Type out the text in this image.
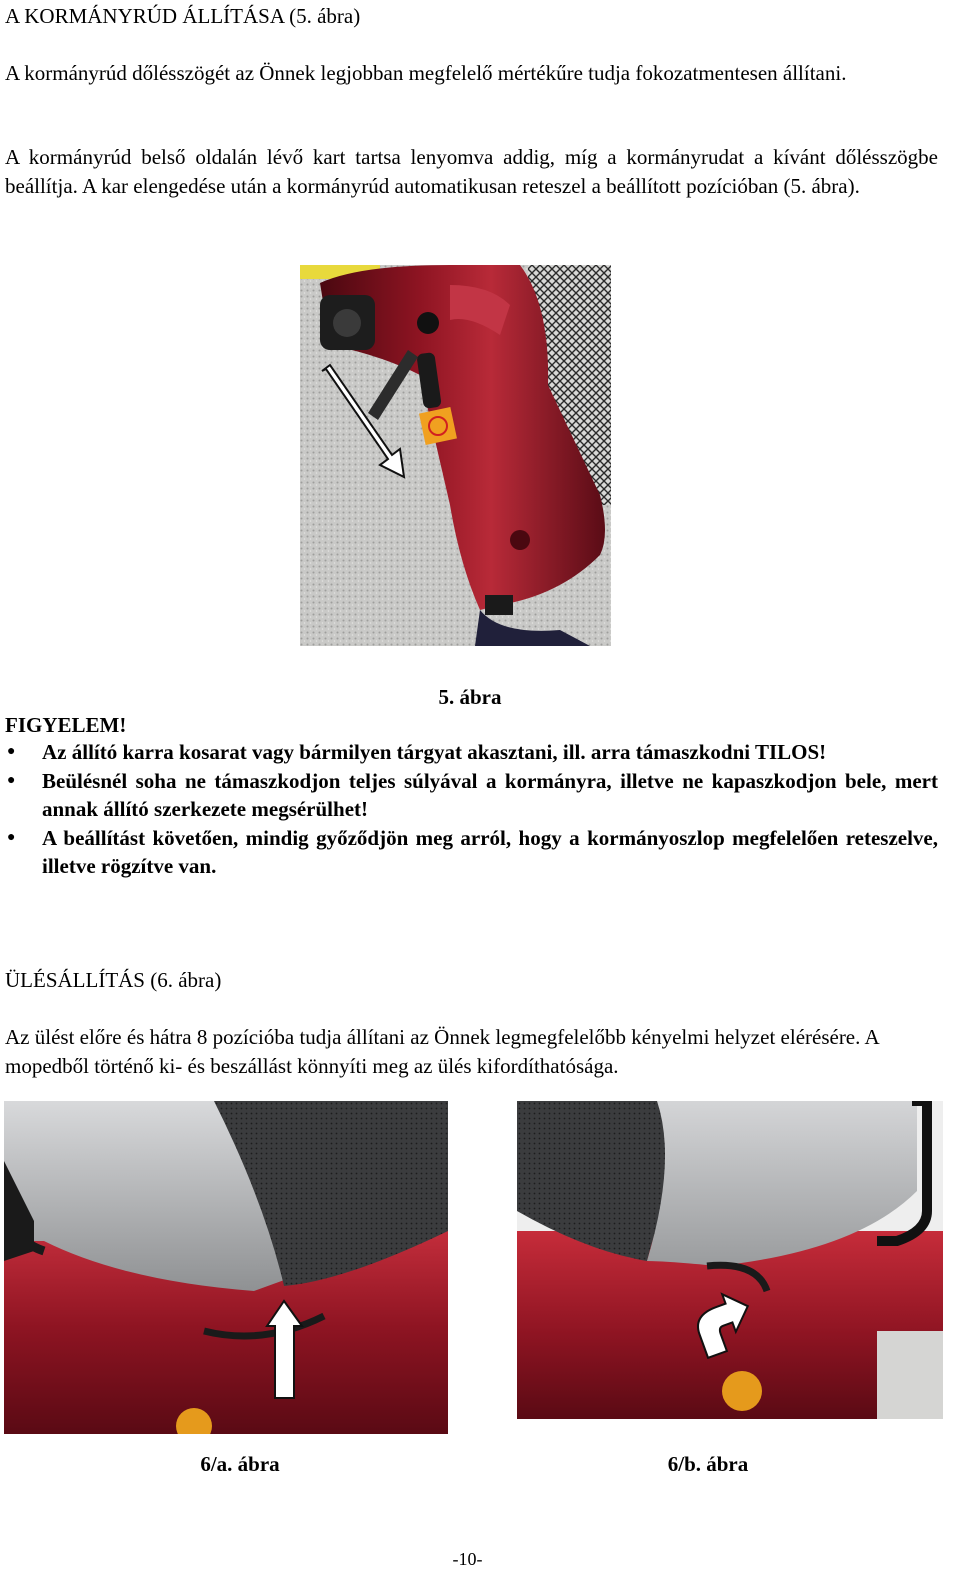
A KORMÁNYRÚD ÁLLÍTÁSA (5. ábra)

A kormányrúd dőlésszögét az Önnek legjobban megfelelő mértékűre tudja fokozatmentesen állítani.

A kormányrúd belső oldalán lévő kart tartsa lenyomva addig, míg a kormányrudat a kívánt dőlésszögbe beállítja. A kar elengedése után a kormányrúd automatikusan reteszel a beállított pozícióban (5. ábra).

5. ábra
FIGYELEM!
● Az állító karra kosarat vagy bármilyen tárgyat akasztani, ill. arra támaszkodni TILOS!
● Beülésnél soha ne támaszkodjon teljes súlyával a kormányra, illetve ne kapaszkodjon bele, mert annak állító szerkezete megsérülhet!
● A beállítást követően, mindig győződjön meg arról, hogy a kormányoszlop megfelelően reteszelve, illetve rögzítve van.
ÜLÉSÁLLÍTÁS (6. ábra)

Az ülést előre és hátra 8 pozícióba tudja állítani az Önnek legmegfelelőbb kényelmi helyzet elérésére. A mopedből történő ki- és beszállást könnyíti meg az ülés kifordíthatósága.

6/a. ábra	6/b. ábra
-10-
